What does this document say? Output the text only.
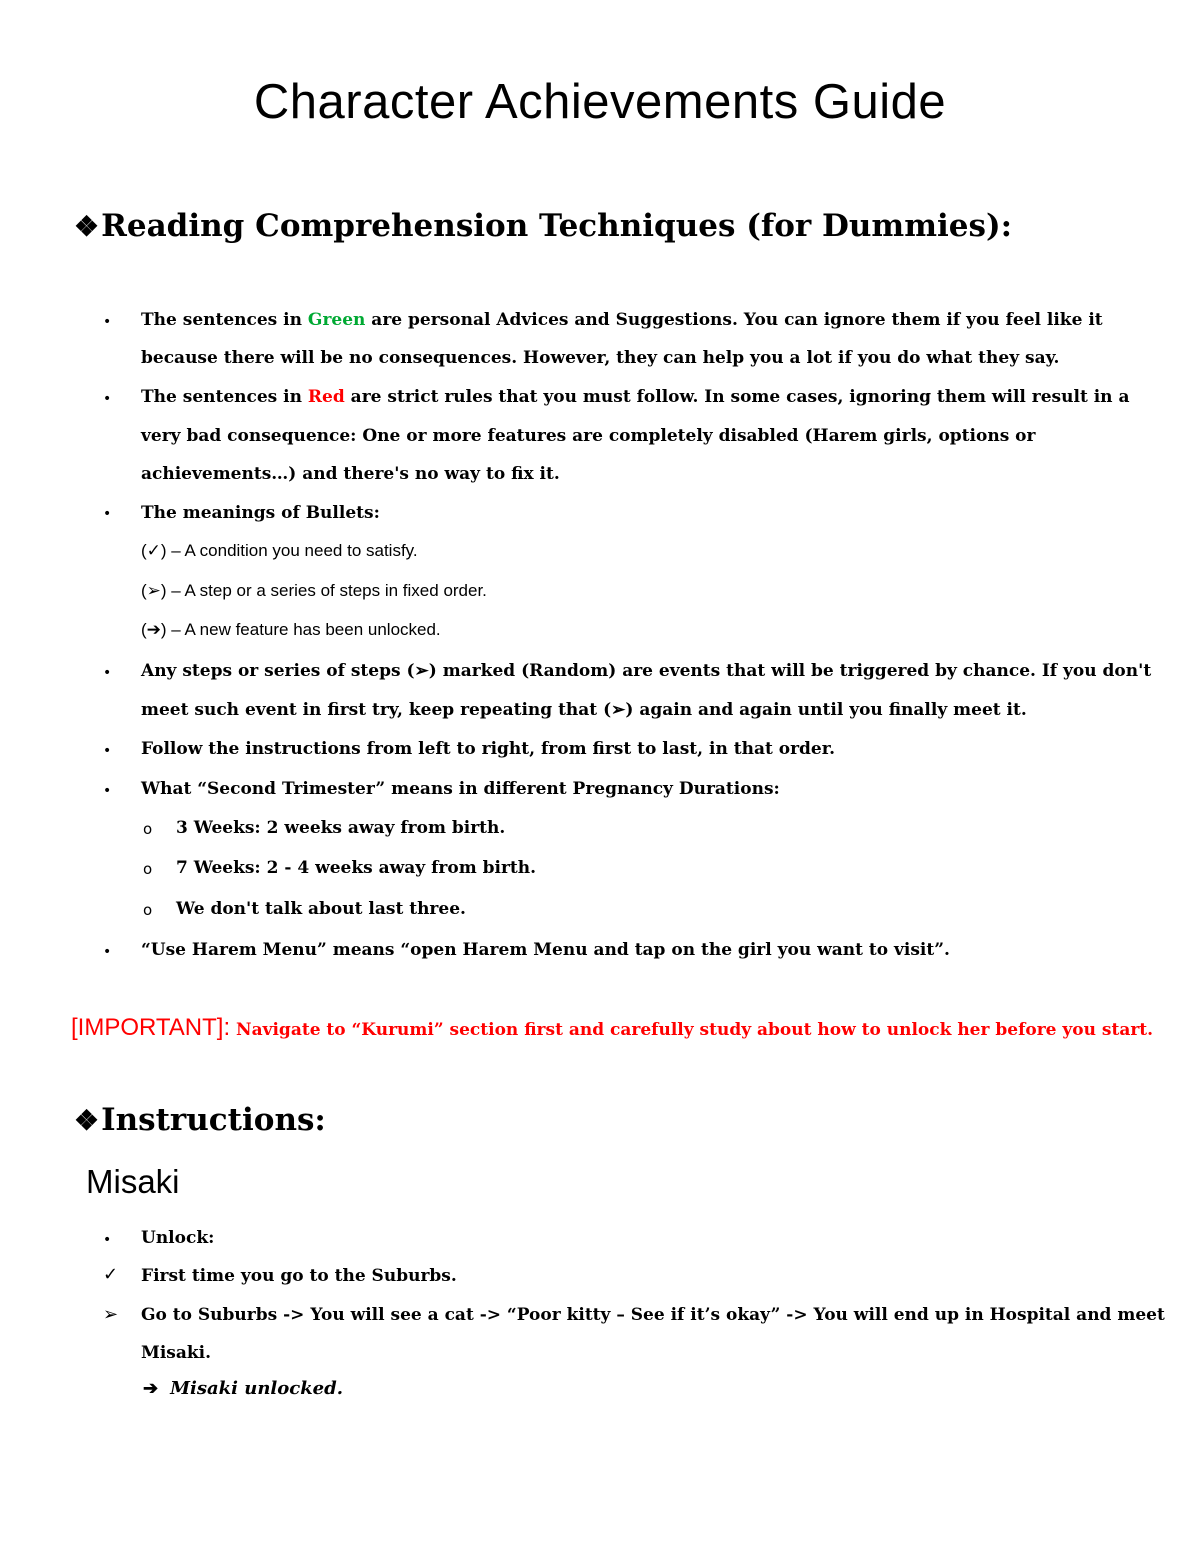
Character Achievements Guide
❖Reading Comprehension Techniques (for Dummies):
• The sentences in Green are personal Advices and Suggestions. You can ignore them if you feel like it
because there will be no consequences. However, they can help you a lot if you do what they say.
• The sentences in Red are strict rules that you must follow. In some cases, ignoring them will result in a
very bad consequence: One or more features are completely disabled (Harem girls, options or
achievements…) and there's no way to fix it.
• The meanings of Bullets:
(✓) – A condition you need to satisfy.
(➢) – A step or a series of steps in fixed order.
(➔) – A new feature has been unlocked.
• Any steps or series of steps (➢) marked (Random) are events that will be triggered by chance. If you don't
meet such event in first try, keep repeating that (➢) again and again until you finally meet it.
• Follow the instructions from left to right, from first to last, in that order.
• What “Second Trimester” means in different Pregnancy Durations:
o 3 Weeks: 2 weeks away from birth.
o 7 Weeks: 2 - 4 weeks away from birth.
o We don't talk about last three.
• “Use Harem Menu” means “open Harem Menu and tap on the girl you want to visit”.
[IMPORTANT]: Navigate to “Kurumi” section first and carefully study about how to unlock her before you start.
❖Instructions:
Misaki
• Unlock:
✓ First time you go to the Suburbs.
➢ Go to Suburbs -> You will see a cat -> “Poor kitty – See if it’s okay” -> You will end up in Hospital and meet
Misaki.
➔ Misaki unlocked.
